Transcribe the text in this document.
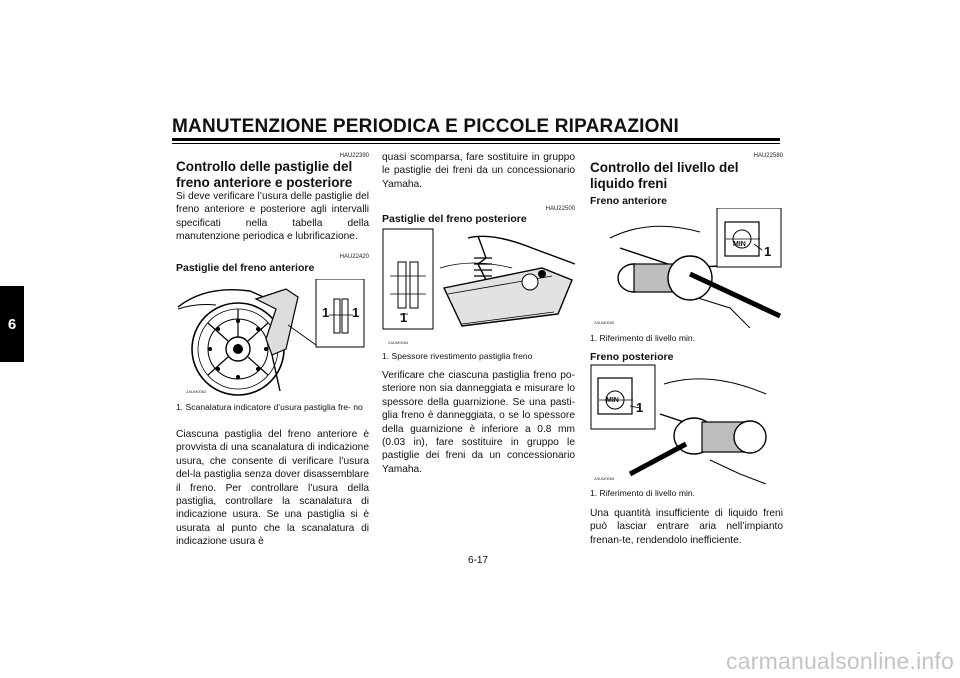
MANUTENZIONE PERIODICA E PICCOLE RIPARAZIONI
6
HAU22390
Controllo delle pastiglie del freno anteriore e posteriore
Si deve verificare l’usura delle pastiglie del freno anteriore e posteriore agli intervalli specificati nella tabella della manutenzione periodica e lubrificazione.
HAU22420
Pastiglie del freno anteriore
ZAUM0063
1 1
1. Scanalatura indicatore d’usura pastiglia fre- no
Ciascuna pastiglia del freno anteriore è provvista di una scanalatura di indicazione usura, che consente di verificare l’usura del-la pastiglia senza dover disassemblare il freno. Per controllare l’usura della pastiglia, controllare la scanalatura di indicazione usura. Se una pastiglia si è usurata al punto che la scanalatura di indicazione usura è
quasi scomparsa, fare sostituire in gruppo le pastiglie dei freni da un concessionario Yamaha.
HAU22500
Pastiglie del freno posteriore
ZAUM0064
1
1. Spessore rivestimento pastiglia freno
Verificare che ciascuna pastiglia freno po-steriore non sia danneggiata e misurare lo spessore della guarnizione. Se una pasti-glia freno è danneggiata, o se lo spessore della guarnizione è inferiore a 0.8 mm (0.03 in), fare sostituire in gruppo le pastiglie dei freni da un concessionario Yamaha.
HAU22580
Controllo del livello del liquido freni
Freno anteriore
ZAUM0065
MIN 1
1. Riferimento di livello min.
Freno posteriore
ZAUM0066
MIN 1
1. Riferimento di livello min.
Una quantità insufficiente di liquido freni può lasciar entrare aria nell’impianto frenan-te, rendendolo inefficiente.
6-17
carmanualsonline.info
